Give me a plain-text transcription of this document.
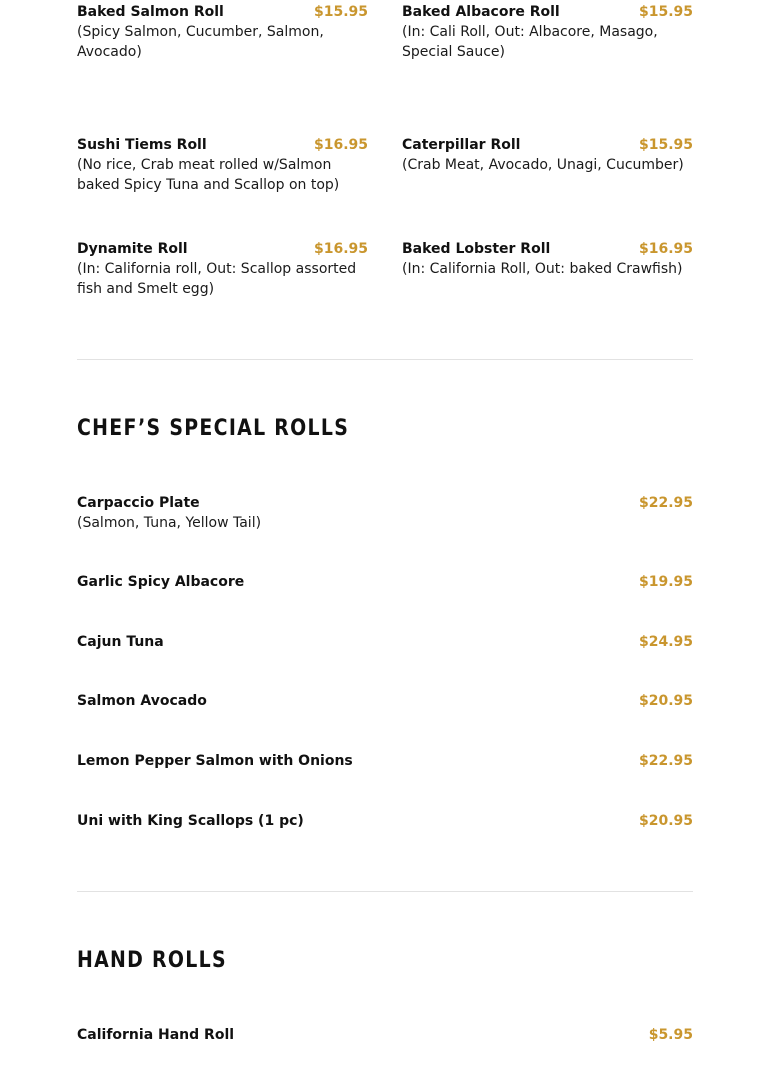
Baked Salmon Roll	$15.95
(Spicy Salmon, Cucumber, Salmon, Avocado)
Baked Albacore Roll	$15.95
(In: Cali Roll, Out: Albacore, Masago, Special Sauce)
Sushi Tiems Roll	$16.95
(No rice, Crab meat rolled w/Salmon baked Spicy Tuna and Scallop on top)
Caterpillar Roll	$15.95
(Crab Meat, Avocado, Unagi, Cucumber)
Dynamite Roll	$16.95
(In: California roll, Out: Scallop assorted fish and Smelt egg)
Baked Lobster Roll	$16.95
(In: California Roll, Out: baked Crawfish)
CHEF’S SPECIAL ROLLS
Carpaccio Plate	$22.95
(Salmon, Tuna, Yellow Tail)
Garlic Spicy Albacore	$19.95
Cajun Tuna	$24.95
Salmon Avocado	$20.95
Lemon Pepper Salmon with Onions	$22.95
Uni with King Scallops (1 pc)	$20.95
HAND ROLLS
California Hand Roll	$5.95
